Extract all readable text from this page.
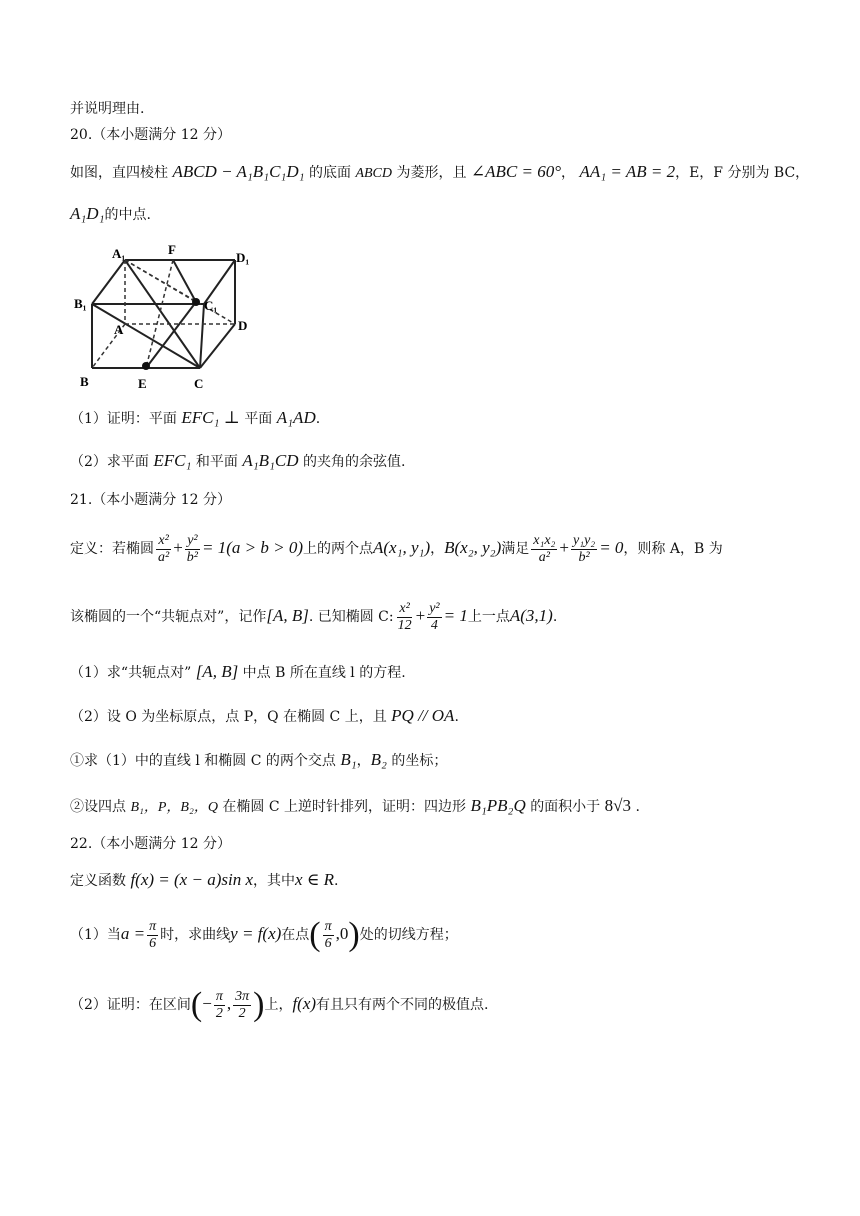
并说明理由.
20.（本小题满分 12 分）
如图，直四棱柱 ABCD − A₁B₁C₁D₁ 的底面 ABCD 为菱形，且 ∠ABC = 60°， AA₁ = AB = 2，E，F 分别为 BC，
A₁D₁的中点.
A₁	F
D₁
B₁	C₁
A	D
B	E	C
（1）证明：平面 EFC₁ ⊥ 平面 A₁AD.
（2）求平面 EFC₁ 和平面 A₁B₁CD 的夹角的余弦值.
21.（本小题满分 12 分）
定义：若椭圆 $\frac{\text{x²}}{\text{a²}} + \frac{\text{y²}}{\text{b²}} = 1(a > b > 0)$上的两个点A(x₁, y₁)，B(x₂, y₂)满足 $\frac{\text{x₁x₂}}{\text{a²}} + \frac{\text{y₁y₂}}{\text{b²}} = 0$，则称 A，B 为
该椭圆的一个“共轭点对”，记作[A, B]. 已知椭圆 C: $\frac{\text{x²}}{12} + \frac{\text{y²}}{4} = 1$上一点A(3,1).
（1）求“共轭点对” [A, B] 中点 B 所在直线 l 的方程.
（2）设 O 为坐标原点，点 P，Q 在椭圆 C 上，且 PQ // OA.
①求（1）中的直线 l 和椭圆 C 的两个交点 B₁，B₂ 的坐标；
②设四点 B₁，P，B₂，Q 在椭圆 C 上逆时针排列，证明：四边形 B₁PB₂Q 的面积小于 8√3 .
22.（本小题满分 12 分）
定义函数 f(x) = (x − a)sin x，其中x ∈ R.
（1）当$a = \frac{\pi}{6}$ 时，求曲线y = f(x)在点( $\frac{\pi}{6} ,0$)处的切线方程；
（2）证明：在区间(− $\frac{\pi}{2}$ , $\frac{3\pi}{2}$ )上，f(x)有且只有两个不同的极值点.
